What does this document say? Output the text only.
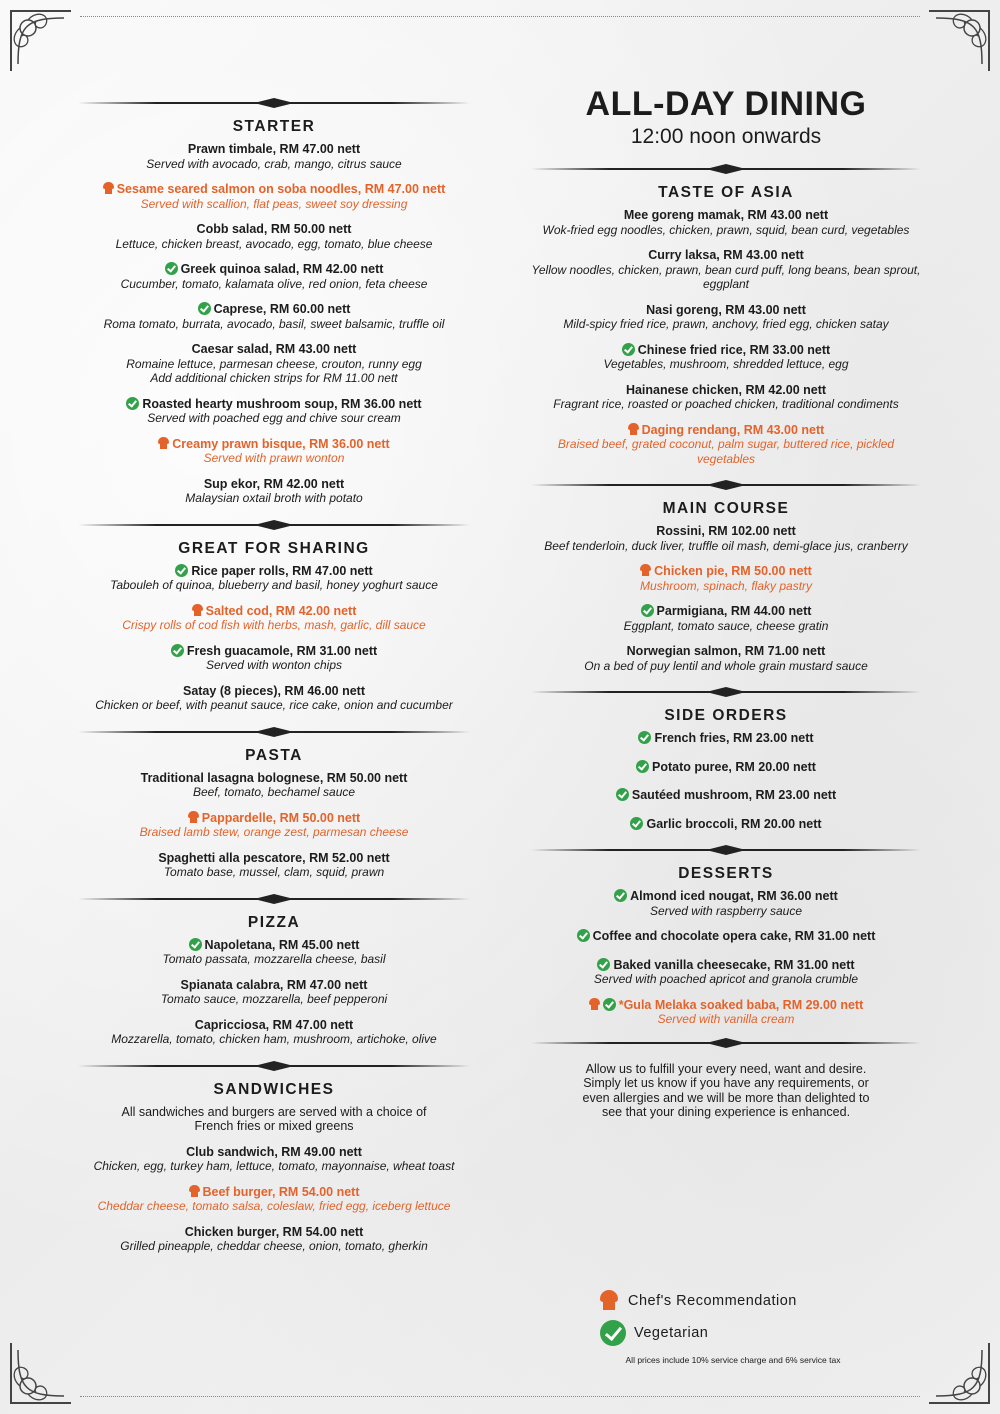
STARTER
Prawn timbale, RM 47.00 nett
Served with avocado, crab, mango, citrus sauce
Sesame seared salmon on soba noodles, RM 47.00 nett
Served with scallion, flat peas, sweet soy dressing
Cobb salad, RM 50.00 nett
Lettuce, chicken breast, avocado, egg, tomato, blue cheese
Greek quinoa salad, RM 42.00 nett
Cucumber, tomato, kalamata olive, red onion, feta cheese
Caprese, RM 60.00 nett
Roma tomato, burrata, avocado, basil, sweet balsamic, truffle oil
Caesar salad, RM 43.00 nett
Romaine lettuce, parmesan cheese, crouton, runny egg
Add additional chicken strips for RM 11.00 nett
Roasted hearty mushroom soup, RM 36.00 nett
Served with poached egg and chive sour cream
Creamy prawn bisque, RM 36.00 nett
Served with prawn wonton
Sup ekor, RM 42.00 nett
Malaysian oxtail broth with potato
GREAT FOR SHARING
Rice paper rolls, RM 47.00 nett
Tabouleh of quinoa, blueberry and basil, honey yoghurt sauce
Salted cod, RM 42.00 nett
Crispy rolls of cod fish with herbs, mash, garlic, dill sauce
Fresh guacamole, RM 31.00 nett
Served with wonton chips
Satay (8 pieces), RM 46.00 nett
Chicken or beef, with peanut sauce, rice cake, onion and cucumber
PASTA
Traditional lasagna bolognese, RM 50.00 nett
Beef, tomato, bechamel sauce
Pappardelle, RM 50.00 nett
Braised lamb stew, orange zest, parmesan cheese
Spaghetti alla pescatore, RM 52.00 nett
Tomato base, mussel, clam, squid, prawn
PIZZA
Napoletana, RM 45.00 nett
Tomato passata, mozzarella cheese, basil
Spianata calabra, RM 47.00 nett
Tomato sauce, mozzarella, beef pepperoni
Capricciosa, RM 47.00 nett
Mozzarella, tomato, chicken ham, mushroom, artichoke, olive
SANDWICHES
All sandwiches and burgers are served with a choice of French fries or mixed greens
Club sandwich, RM 49.00 nett
Chicken, egg, turkey ham, lettuce, tomato, mayonnaise, wheat toast
Beef burger, RM 54.00 nett
Cheddar cheese, tomato salsa, coleslaw, fried egg, iceberg lettuce
Chicken burger, RM 54.00 nett
Grilled pineapple, cheddar cheese, onion, tomato, gherkin
ALL-DAY DINING
12:00 noon onwards
TASTE OF ASIA
Mee goreng mamak, RM 43.00 nett
Wok-fried egg noodles, chicken, prawn, squid, bean curd, vegetables
Curry laksa, RM 43.00 nett
Yellow noodles, chicken, prawn, bean curd puff, long beans, bean sprout, eggplant
Nasi goreng, RM 43.00 nett
Mild-spicy fried rice, prawn, anchovy, fried egg, chicken satay
Chinese fried rice, RM 33.00 nett
Vegetables, mushroom, shredded lettuce, egg
Hainanese chicken, RM 42.00 nett
Fragrant rice, roasted or poached chicken, traditional condiments
Daging rendang, RM 43.00 nett
Braised beef, grated coconut, palm sugar, buttered rice, pickled vegetables
MAIN COURSE
Rossini, RM 102.00 nett
Beef tenderloin, duck liver, truffle oil mash, demi-glace jus, cranberry
Chicken pie, RM 50.00 nett
Mushroom, spinach, flaky pastry
Parmigiana, RM 44.00 nett
Eggplant, tomato sauce, cheese gratin
Norwegian salmon, RM 71.00 nett
On a bed of puy lentil and whole grain mustard sauce
SIDE ORDERS
French fries, RM 23.00 nett
Potato puree, RM 20.00 nett
Sautéed mushroom, RM 23.00 nett
Garlic broccoli, RM 20.00 nett
DESSERTS
Almond iced nougat, RM 36.00 nett
Served with raspberry sauce
Coffee and chocolate opera cake, RM 31.00 nett
Baked vanilla cheesecake, RM 31.00 nett
Served with poached apricot and granola crumble
*Gula Melaka soaked baba, RM 29.00 nett
Served with vanilla cream
Allow us to fulfill your every need, want and desire. Simply let us know if you have any requirements, or even allergies and we will be more than delighted to see that your dining experience is enhanced.
Chef's Recommendation
Vegetarian
All prices include 10% service charge and 6% service tax
